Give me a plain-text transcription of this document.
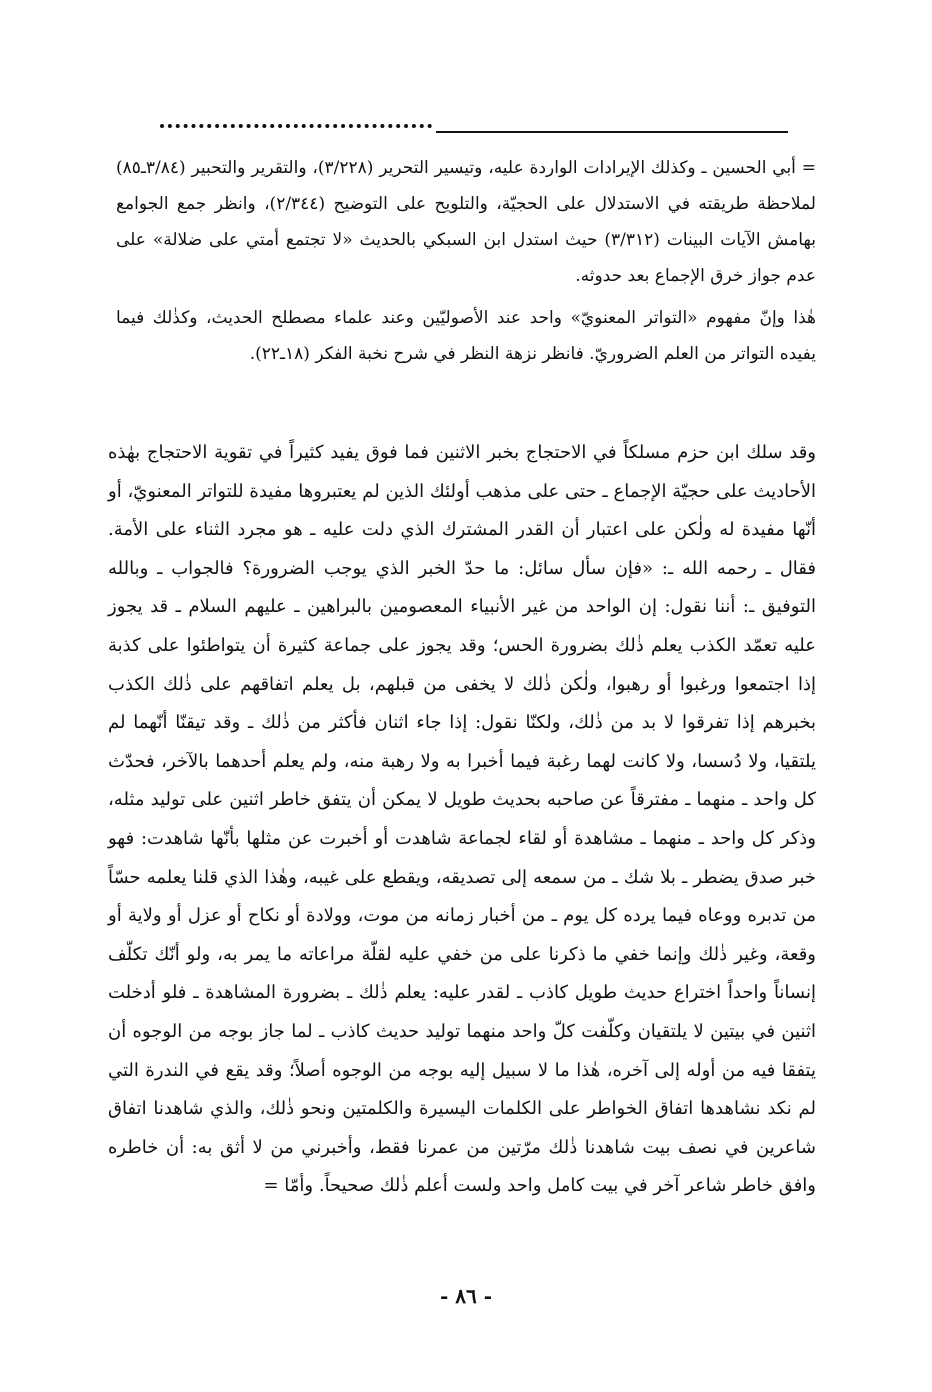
= أبي الحسين ـ وكذلك الإيرادات الواردة عليه، وتيسير التحرير (٣/٢٢٨)، والتقرير والتحبير (٣/٨٤ـ٨٥) لملاحظة طريقته في الاستدلال على الحجيّة، والتلويح على التوضيح (٢/٣٤٤)، وانظر جمع الجوامع بهامش الآيات البينات (٣/٣١٢) حيث استدل ابن السبكي بالحديث «لا تجتمع أمتي على ضلالة» على عدم جواز خرق الإجماع بعد حدوثه.

هٰذا وإنّ مفهوم «التواتر المعنويّ» واحد عند الأصوليّين وعند علماء مصطلح الحديث، وكذٰلك فيما يفيده التواتر من العلم الضروريّ. فانظر نزهة النظر في شرح نخبة الفكر (١٨ـ٢٢).

وقد سلك ابن حزم مسلكاً في الاحتجاج بخبر الاثنين فما فوق يفيد كثيراً في تقوية الاحتجاج بهٰذه الأحاديث على حجيّة الإجماع ـ حتى على مذهب أولئك الذين لم يعتبروها مفيدة للتواتر المعنويّ، أو أنّها مفيدة له ولٰكن على اعتبار أن القدر المشترك الذي دلت عليه ـ هو مجرد الثناء على الأمة. فقال ـ رحمه الله ـ: «فإن سأل سائل: ما حدّ الخبر الذي يوجب الضرورة؟ فالجواب ـ وبالله التوفيق ـ: أننا نقول: إن الواحد من غير الأنبياء المعصومين بالبراهين ـ عليهم السلام ـ قد يجوز عليه تعمّد الكذب يعلم ذٰلك بضرورة الحس؛ وقد يجوز على جماعة كثيرة أن يتواطئوا على كذبة إذا اجتمعوا ورغبوا أو رهبوا، ولٰكن ذٰلك لا يخفى من قبلهم، بل يعلم اتفاقهم على ذٰلك الكذب بخبرهم إذا تفرقوا لا بد من ذٰلك، ولكنّا نقول: إذا جاء اثنان فأكثر من ذٰلك ـ وقد تيقنّا أنّهما لم يلتقيا، ولا دُسسا، ولا كانت لهما رغبة فيما أخبرا به ولا رهبة منه، ولم يعلم أحدهما بالآخر، فحدّث كل واحد ـ منهما ـ مفترقاً عن صاحبه بحديث طويل لا يمكن أن يتفق خاطر اثنين على توليد مثله، وذكر كل واحد ـ منهما ـ مشاهدة أو لقاء لجماعة شاهدت أو أخبرت عن مثلها بأنّها شاهدت: فهو خبر صدق يضطر ـ بلا شك ـ من سمعه إلى تصديقه، ويقطع على غيبه، وهٰذا الذي قلنا يعلمه حسّاً من تدبره ووعاه فيما يرده كل يوم ـ من أخبار زمانه من موت، وولادة أو نكاح أو عزل أو ولاية أو وقعة، وغير ذٰلك وإنما خفي ما ذكرنا على من خفي عليه لقلّة مراعاته ما يمر به، ولو أنّك تكلّف إنساناً واحداً اختراع حديث طويل كاذب ـ لقدر عليه: يعلم ذٰلك ـ بضرورة المشاهدة ـ فلو أدخلت اثنين في بيتين لا يلتقيان وكلّفت كلّ واحد منهما توليد حديث كاذب ـ لما جاز بوجه من الوجوه أن يتفقا فيه من أوله إلى آخره، هٰذا ما لا سبيل إليه بوجه من الوجوه أصلاً؛ وقد يقع في الندرة التي لم نكد نشاهدها اتفاق الخواطر على الكلمات اليسيرة والكلمتين ونحو ذٰلك، والذي شاهدنا اتفاق شاعرين في نصف بيت شاهدنا ذٰلك مرّتين من عمرنا فقط، وأخبرني من لا أثق به: أن خاطره وافق خاطر شاعر آخر في بيت كامل واحد ولست أعلم ذٰلك صحيحاً. وأمّا =

- ٨٦ -
